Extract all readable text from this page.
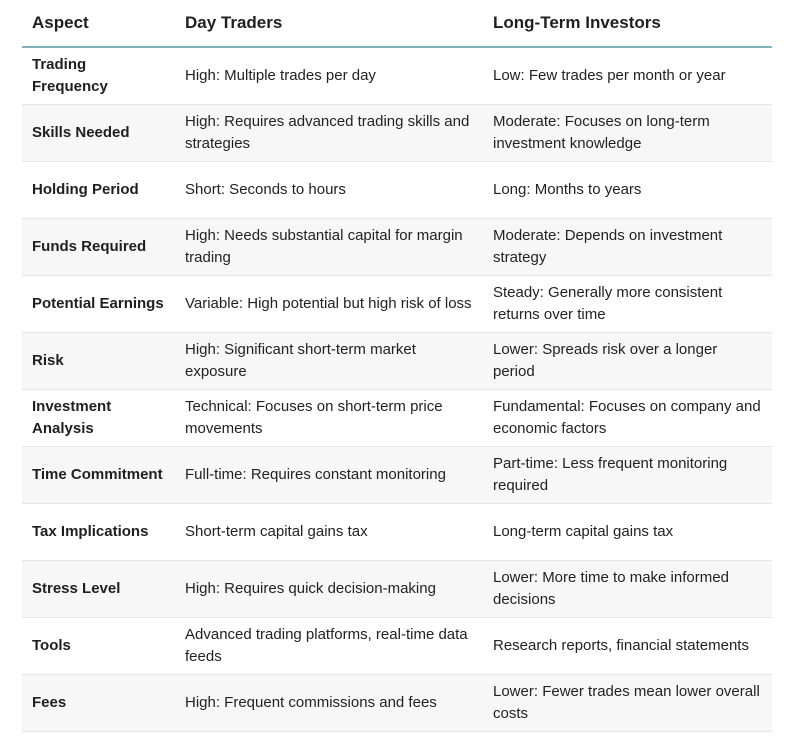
Aspect	Day Traders	Long-Term Investors
Trading Frequency	High: Multiple trades per day	Low: Few trades per month or year
Skills Needed	High: Requires advanced trading skills and strategies	Moderate: Focuses on long-term investment knowledge
Holding Period	Short: Seconds to hours	Long: Months to years
Funds Required	High: Needs substantial capital for margin trading	Moderate: Depends on investment strategy
Potential Earnings	Variable: High potential but high risk of loss	Steady: Generally more consistent returns over time
Risk	High: Significant short-term market exposure	Lower: Spreads risk over a longer period
Investment Analysis	Technical: Focuses on short-term price movements	Fundamental: Focuses on company and economic factors
Time Commitment	Full-time: Requires constant monitoring	Part-time: Less frequent monitoring required
Tax Implications	Short-term capital gains tax	Long-term capital gains tax
Stress Level	High: Requires quick decision-making	Lower: More time to make informed decisions
Tools	Advanced trading platforms, real-time data feeds	Research reports, financial statements
Fees	High: Frequent commissions and fees	Lower: Fewer trades mean lower overall costs
